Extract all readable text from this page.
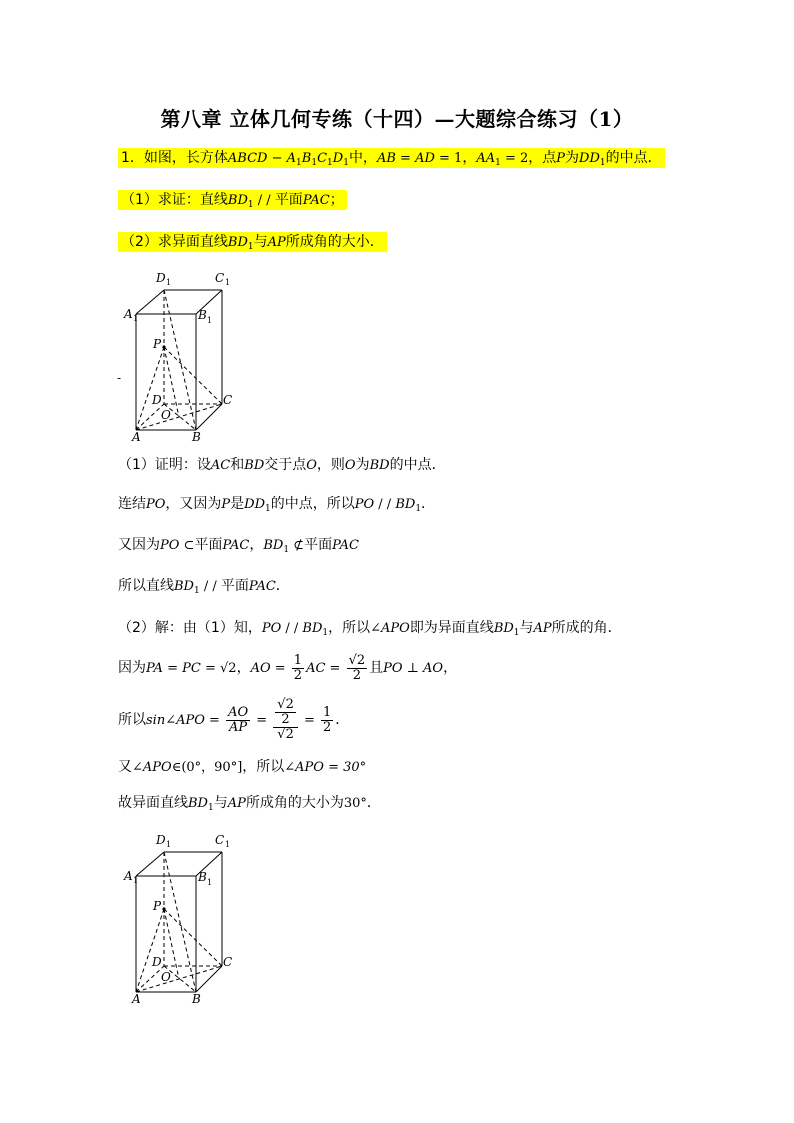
第八章 立体几何专练（十四）—大题综合练习（1）
1．如图，长方体ABCD − $A_1B_1C_1D_1$中，AB = AD = 1，$AA_1 = 2$，点P为$DD_1$的中点．
（1）求证：直线$BD_1$ / / 平面PAC；
（2）求异面直线$BD_1$与AP所成角的大小．
D 1	C 1
A 1	B 1
P
D	C
O
A	B
-
（1）证明：设AC和BD交于点O，则O为BD的中点．
连结PO，又因为P是$DD_1$的中点，所以PO / / $BD_1$．
又因为PO ⊂平面PAC，$BD_1$ ⊄平面PAC
所以直线$BD_1$ / / 平面PAC．
（2）解：由（1）知，PO / / $BD_1$，所以∠APO即为异面直线$BD_1$与AP所成的角．
因为PA = PC = √2，AO = $\frac{1}{2}$ AC = $\frac{√2}{2}$ 且PO ⊥ AO，
所以sin∠APO = $\frac{AO}{AP} = \frac{\frac{√2}{2}}{√2} = \frac{1}{2}$ ．
又∠APO∈(0°，90°]，所以∠APO = 30°
故异面直线$BD_1$与AP所成角的大小为30°．
D 1	C 1
A 1	B 1
P
D	C
O
A	B
